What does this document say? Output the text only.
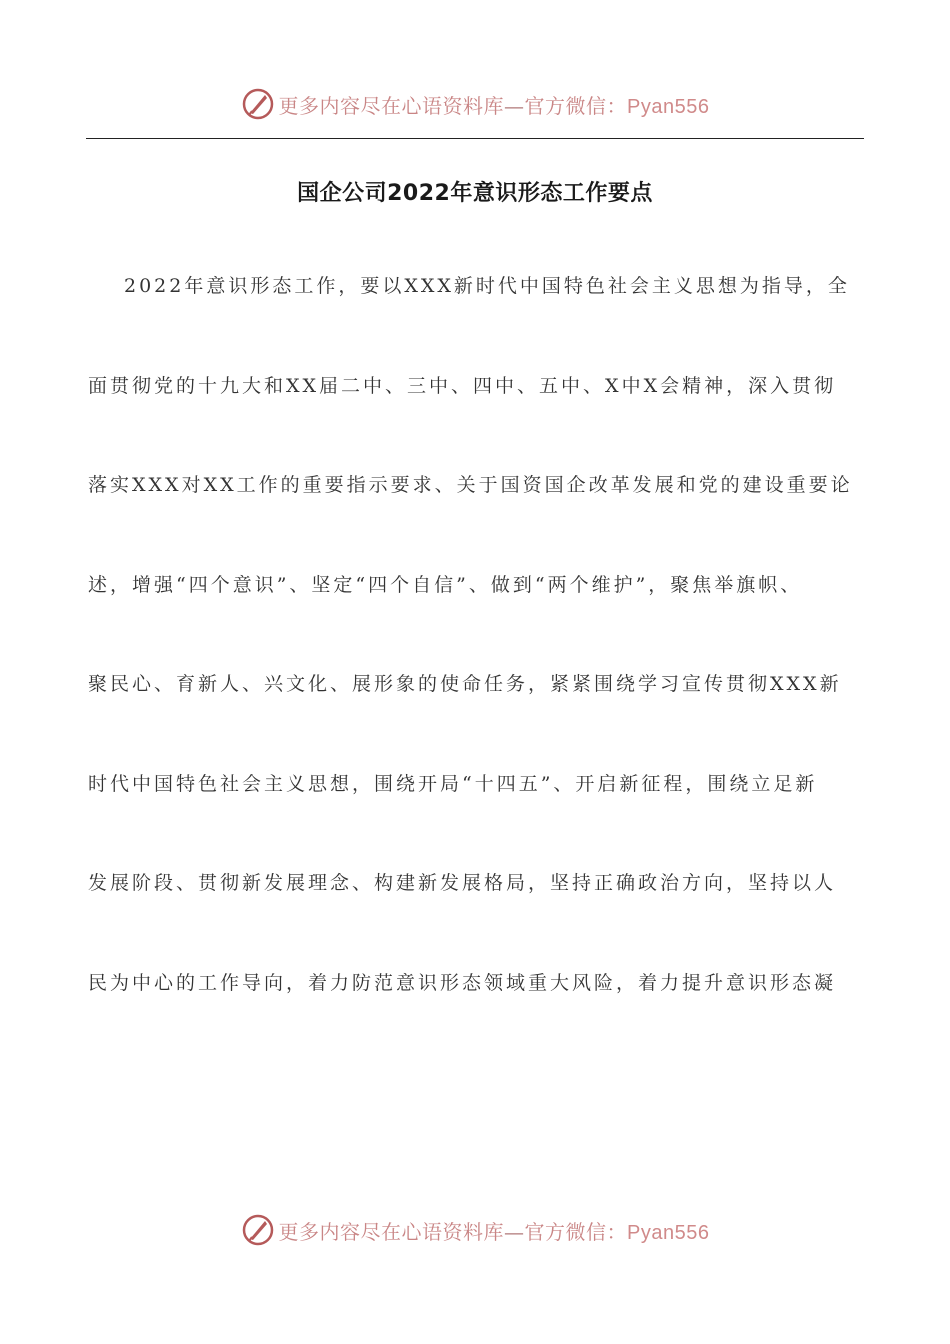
更多内容尽在心语资料库—官方微信：Pyan556
国企公司2022年意识形态工作要点
2022年意识形态工作，要以XXX新时代中国特色社会主义思想为指导，全
面贯彻党的十九大和XX届二中、三中、四中、五中、X中X会精神，深入贯彻
落实XXX对XX工作的重要指示要求、关于国资国企改革发展和党的建设重要论
述，增强“四个意识”、坚定“四个自信”、做到“两个维护”，聚焦举旗帜、
聚民心、育新人、兴文化、展形象的使命任务，紧紧围绕学习宣传贯彻XXX新
时代中国特色社会主义思想，围绕开局“十四五”、开启新征程，围绕立足新
发展阶段、贯彻新发展理念、构建新发展格局，坚持正确政治方向，坚持以人
民为中心的工作导向，着力防范意识形态领域重大风险，着力提升意识形态凝
更多内容尽在心语资料库—官方微信：Pyan556
